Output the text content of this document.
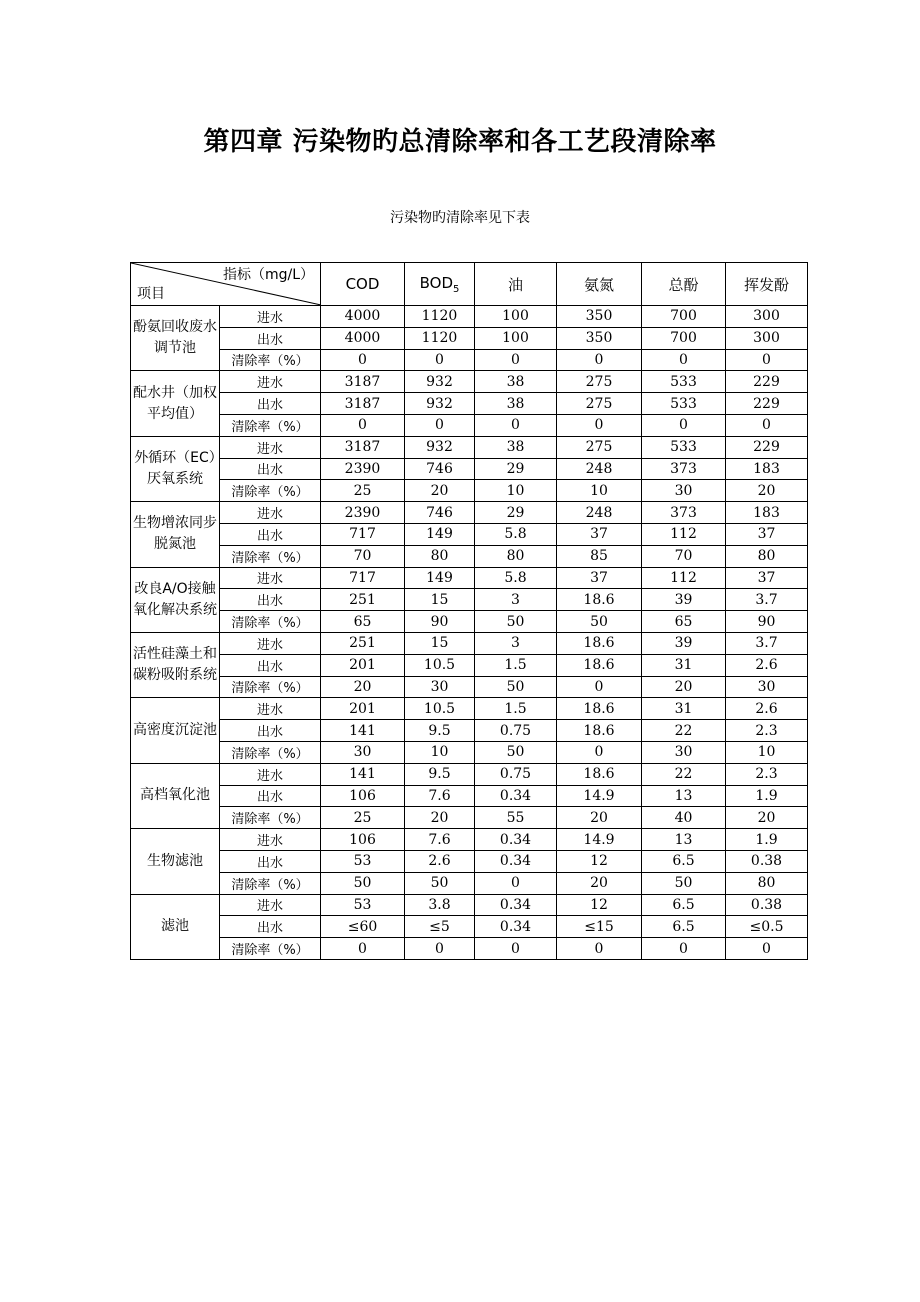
第四章 污染物旳总清除率和各工艺段清除率
污染物旳清除率见下表
指标（mg/L）
项目		COD	$BOD_5$	油	氨氮	总酚	挥发酚
酚氨回收废水调节池	进水	4000	1120	100	350	700	300
	出水	4000	1120	100	350	700	300
	清除率（%）	0	0	0	0	0	0
配水井（加权平均值）	进水	3187	932	38	275	533	229
	出水	3187	932	38	275	533	229
	清除率（%）	0	0	0	0	0	0
外循环（EC）厌氧系统	进水	3187	932	38	275	533	229
	出水	2390	746	29	248	373	183
	清除率（%）	25	20	10	10	30	20
生物增浓同步脱氮池	进水	2390	746	29	248	373	183
	出水	717	149	5.8	37	112	37
	清除率（%）	70	80	80	85	70	80
改良A/O接触氧化解决系统	进水	717	149	5.8	37	112	37
	出水	251	15	3	18.6	39	3.7
	清除率（%）	65	90	50	50	65	90
活性硅藻土和碳粉吸附系统	进水	251	15	3	18.6	39	3.7
	出水	201	10.5	1.5	18.6	31	2.6
	清除率（%）	20	30	50	0	20	30
高密度沉淀池	进水	201	10.5	1.5	18.6	31	2.6
	出水	141	9.5	0.75	18.6	22	2.3
	清除率（%）	30	10	50	0	30	10
高档氧化池	进水	141	9.5	0.75	18.6	22	2.3
	出水	106	7.6	0.34	14.9	13	1.9
	清除率（%）	25	20	55	20	40	20
生物滤池	进水	106	7.6	0.34	14.9	13	1.9
	出水	53	2.6	0.34	12	6.5	0.38
	清除率（%）	50	50	0	20	50	80
滤池	进水	53	3.8	0.34	12	6.5	0.38
	出水	≤60	≤5	0.34	≤15	6.5	≤0.5
	清除率（%）	0	0	0	0	0	0
